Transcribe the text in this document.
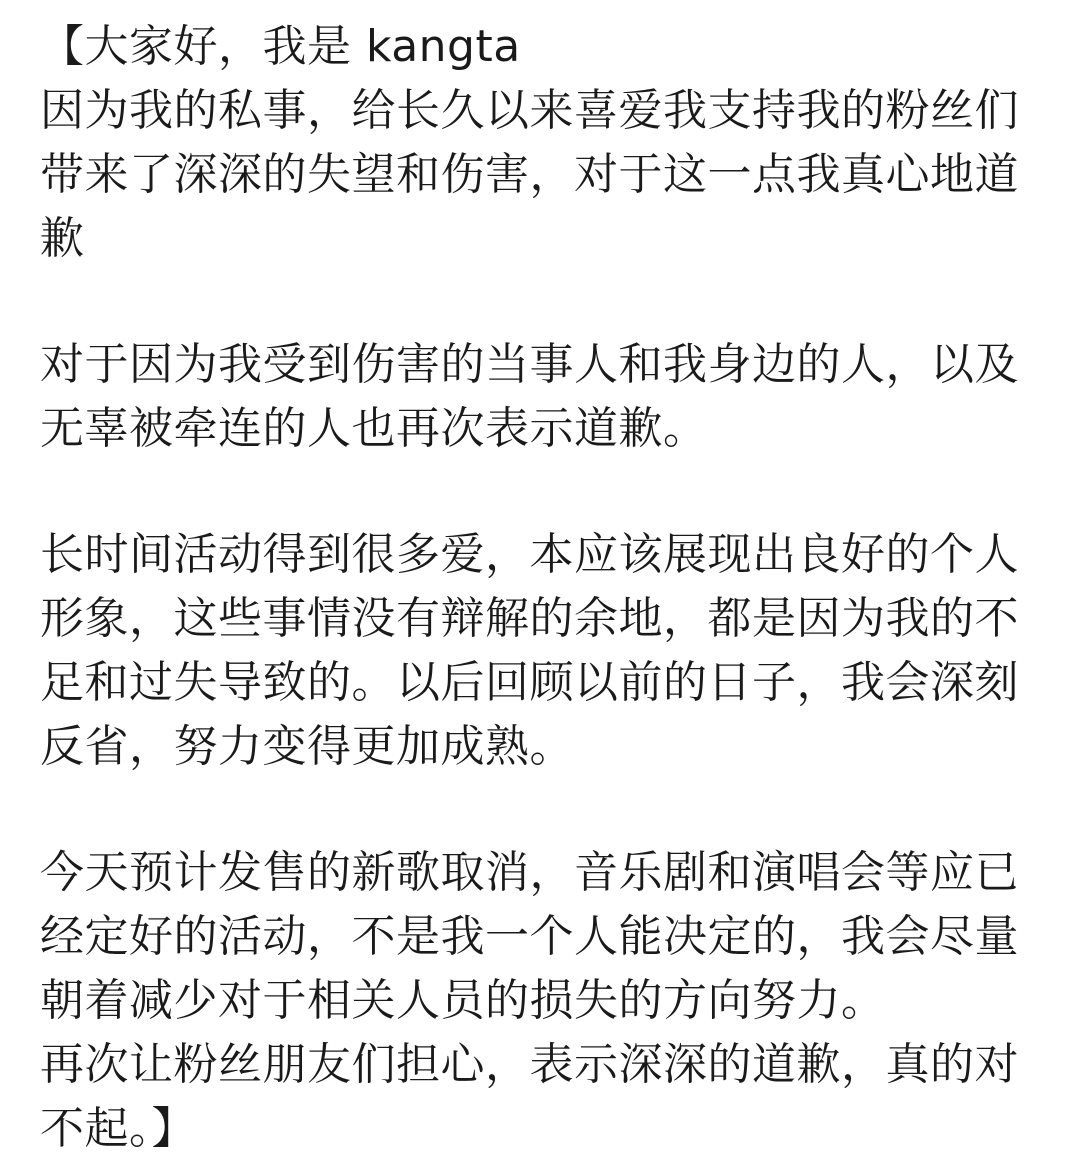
【大家好，我是 kangta
因为我的私事，给长久以来喜爱我支持我的粉丝们
带来了深深的失望和伤害，对于这一点我真心地道
歉
对于因为我受到伤害的当事人和我身边的人，以及
无辜被牵连的人也再次表示道歉。
长时间活动得到很多爱，本应该展现出良好的个人
形象，这些事情没有辩解的余地，都是因为我的不
足和过失导致的。以后回顾以前的日子，我会深刻
反省，努力变得更加成熟。
今天预计发售的新歌取消，音乐剧和演唱会等应已
经定好的活动，不是我一个人能决定的，我会尽量
朝着减少对于相关人员的损失的方向努力。
再次让粉丝朋友们担心，表示深深的道歉，真的对
不起。】
